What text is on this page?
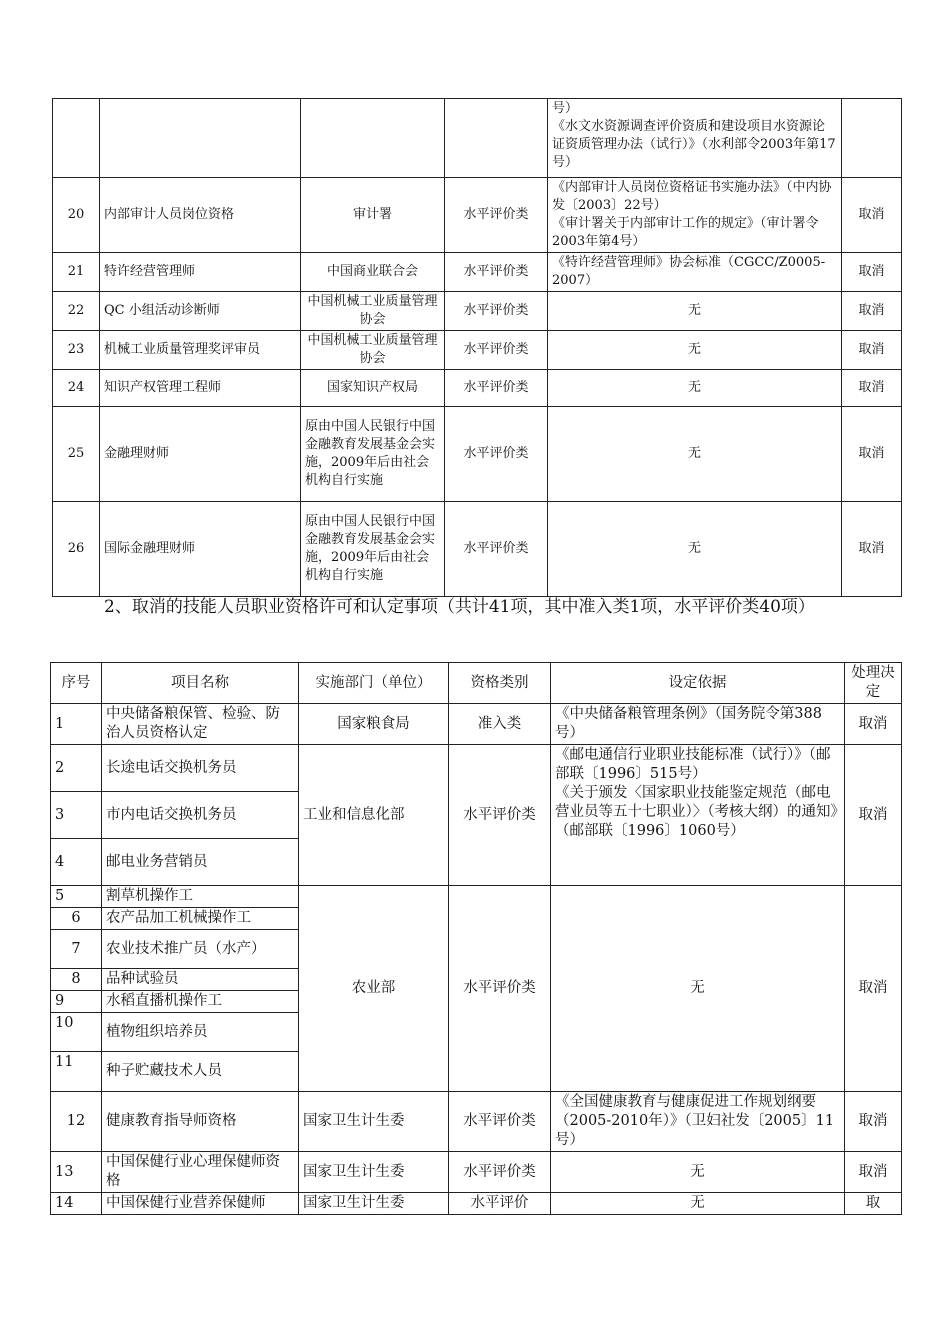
				号）
《水文水资源调查评价资质和建设项目水资源论证资质管理办法（试行）》（水利部令2003年第17号）	
20	内部审计人员岗位资格	审计署	水平评价类	《内部审计人员岗位资格证书实施办法》（中内协发〔2003〕22号）
《审计署关于内部审计工作的规定》（审计署令2003年第4号）	取消
21	特许经营管理师	中国商业联合会	水平评价类	《特许经营管理师》协会标准（CGCC/Z0005-2007）	取消
22	QC 小组活动诊断师	中国机械工业质量管理协会	水平评价类	无	取消
23	机械工业质量管理奖评审员	中国机械工业质量管理协会	水平评价类	无	取消
24	知识产权管理工程师	国家知识产权局	水平评价类	无	取消
25	金融理财师	原由中国人民银行中国金融教育发展基金会实施，2009年后由社会机构自行实施	水平评价类	无	取消
26	国际金融理财师	原由中国人民银行中国金融教育发展基金会实施，2009年后由社会机构自行实施	水平评价类	无	取消
2、取消的技能人员职业资格许可和认定事项（共计41项，其中准入类1项，水平评价类40项）
序号	项目名称	实施部门（单位）	资格类别	设定依据	处理决定
1	中央储备粮保管、检验、防治人员资格认定	国家粮食局	准入类	《中央储备粮管理条例》（国务院令第388号）	取消
2	长途电话交换机务员	工业和信息化部	水平评价类	《邮电通信行业职业技能标准（试行）》（邮部联〔1996〕515号）
《关于颁发〈国家职业技能鉴定规范（邮电营业员等五十七职业）〉（考核大纲）的通知》（邮部联〔1996〕1060号）	取消
3	市内电话交换机务员				
4	邮电业务营销员				
5	割草机操作工	农业部	水平评价类	无	取消
6	农产品加工机械操作工				
7	农业技术推广员（水产）				
8	品种试验员				
9	水稻直播机操作工				
10	植物组织培养员				
11	种子贮藏技术人员				
12	健康教育指导师资格	国家卫生计生委	水平评价类	《全国健康教育与健康促进工作规划纲要（2005-2010年）》（卫妇社发〔2005〕11号）	取消
13	中国保健行业心理保健师资格	国家卫生计生委	水平评价类	无	取消
14	中国保健行业营养保健师	国家卫生计生委	水平评价	无	取
